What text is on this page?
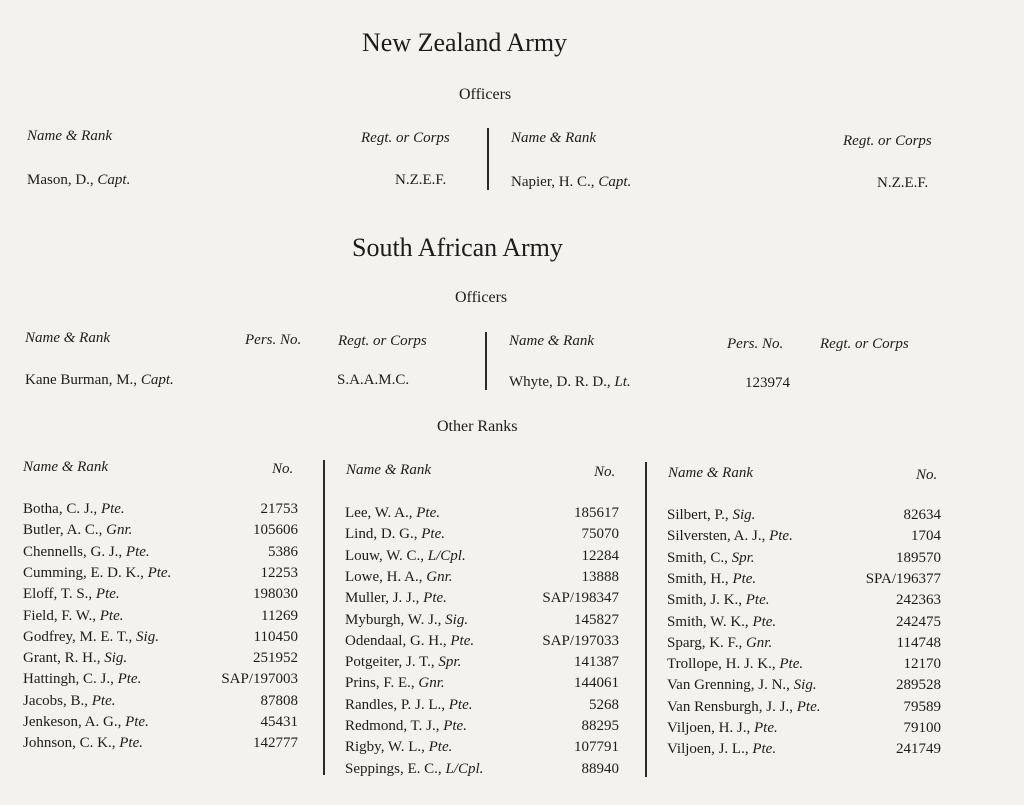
New Zealand Army
Officers
Name & Rank	Regt. or Corps	Name & Rank	Regt. or Corps
Mason, D., Capt.	N.Z.E.F.	Napier, H. C., Capt.	N.Z.E.F.
South African Army
Officers
Name & Rank	Pers. No. Regt. or Corps	Name & Rank	Pers. No. Regt. or Corps
Kane Burman, M., Capt.	S.A.A.M.C.	Whyte, D. R. D., Lt.	123974
Other Ranks
Name & Rank	No.	Name & Rank	No.	Name & Rank	No.
Botha, C. J., Pte.	21753
Butler, A. C., Gnr.	105606
Chennells, G. J., Pte.	5386
Cumming, E. D. K., Pte.	12253
Eloff, T. S., Pte.	198030
Field, F. W., Pte.	11269
Godfrey, M. E. T., Sig.	110450
Grant, R. H., Sig.	251952
Hattingh, C. J., Pte.	SAP/197003
Jacobs, B., Pte.	87808
Jenkeson, A. G., Pte.	45431
Johnson, C. K., Pte.	142777
Lee, W. A., Pte.	185617
Lind, D. G., Pte.	75070
Louw, W. C., L/Cpl.	12284
Lowe, H. A., Gnr.	13888
Muller, J. J., Pte.	SAP/198347
Myburgh, W. J., Sig.	145827
Odendaal, G. H., Pte.	SAP/197033
Potgeiter, J. T., Spr.	141387
Prins, F. E., Gnr.	144061
Randles, P. J. L., Pte.	5268
Redmond, T. J., Pte.	88295
Rigby, W. L., Pte.	107791
Seppings, E. C., L/Cpl.	88940
Silbert, P., Sig.	82634
Silversten, A. J., Pte.	1704
Smith, C., Spr.	189570
Smith, H., Pte.	SPA/196377
Smith, J. K., Pte.	242363
Smith, W. K., Pte.	242475
Sparg, K. F., Gnr.	114748
Trollope, H. J. K., Pte.	12170
Van Grenning, J. N., Sig.	289528
Van Rensburgh, J. J., Pte.	79589
Viljoen, H. J., Pte.	79100
Viljoen, J. L., Pte.	241749
